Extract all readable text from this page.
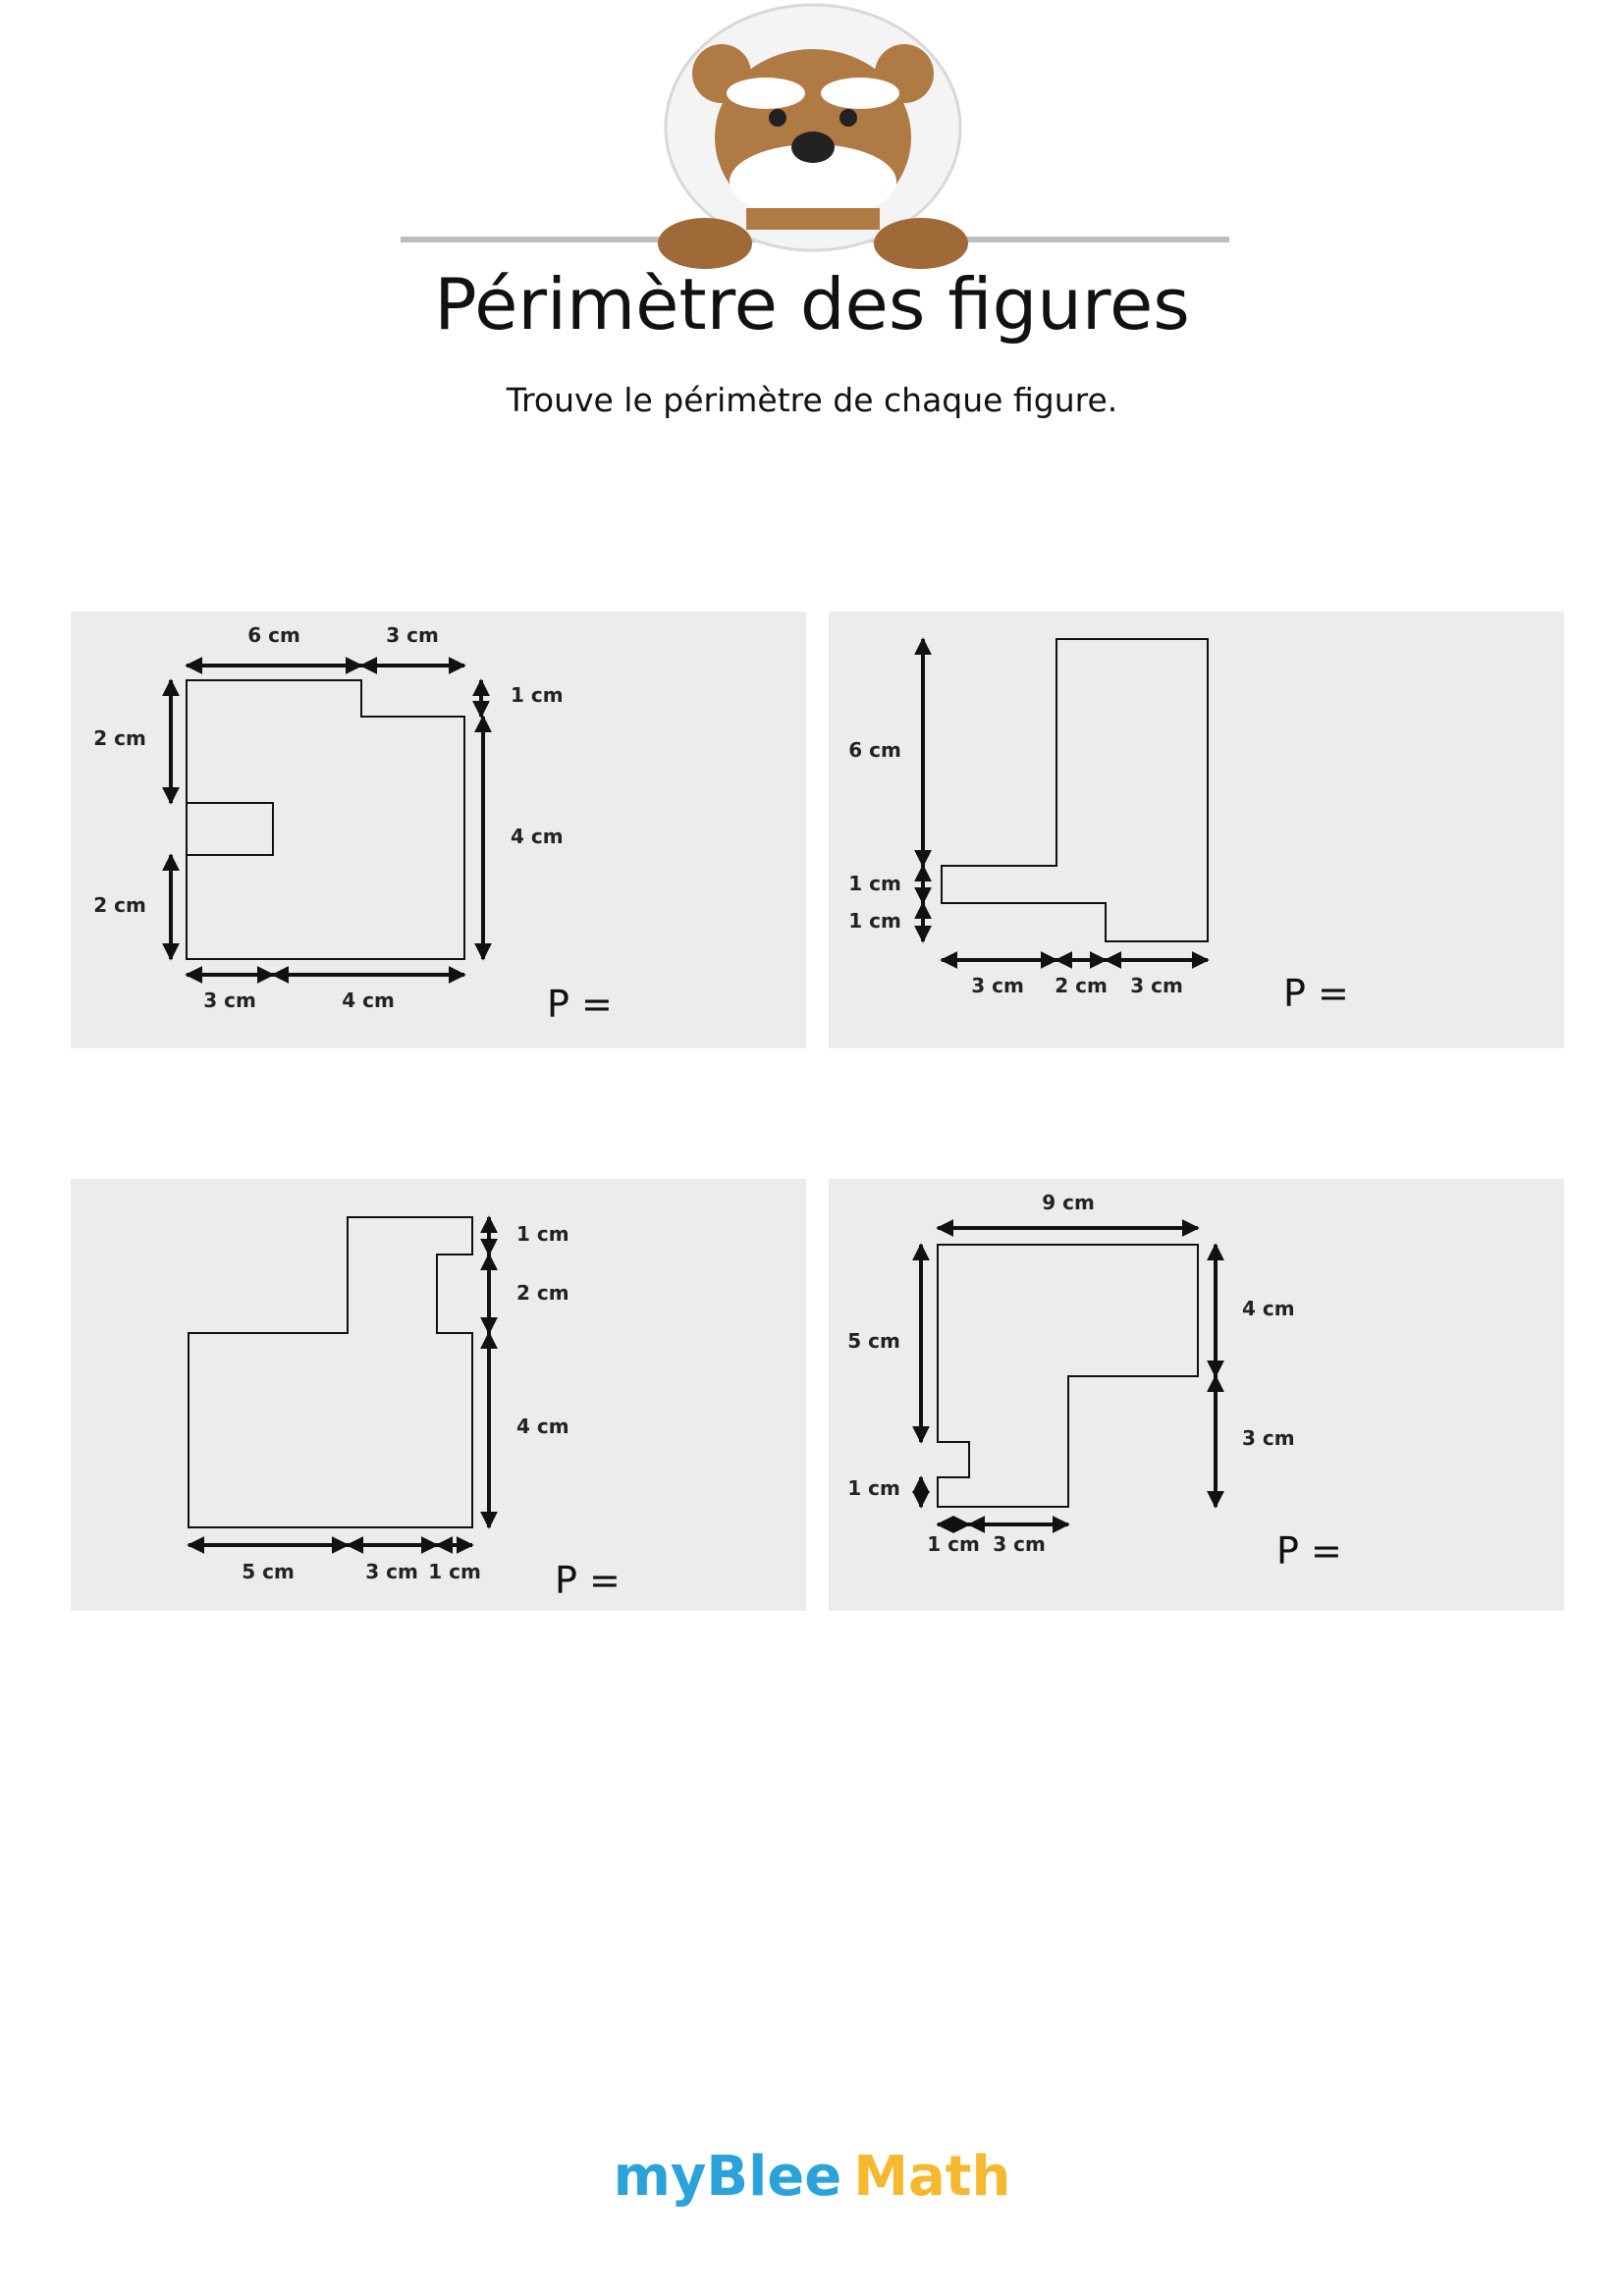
Périmètre des figures
Trouve le périmètre de chaque figure.
6 cm	3 cm
1 cm
2 cm
4 cm
2 cm
3 cm	4 cm	P =
6 cm
1 cm
1 cm
3 cm 2 cm 3 cm	P =
1 cm
2 cm
4 cm
5 cm	3 cm 1 cm P =
9 cm
5 cm
4 cm
3 cm
1 cm
1 cm 3 cm	P =
myBlee Math
